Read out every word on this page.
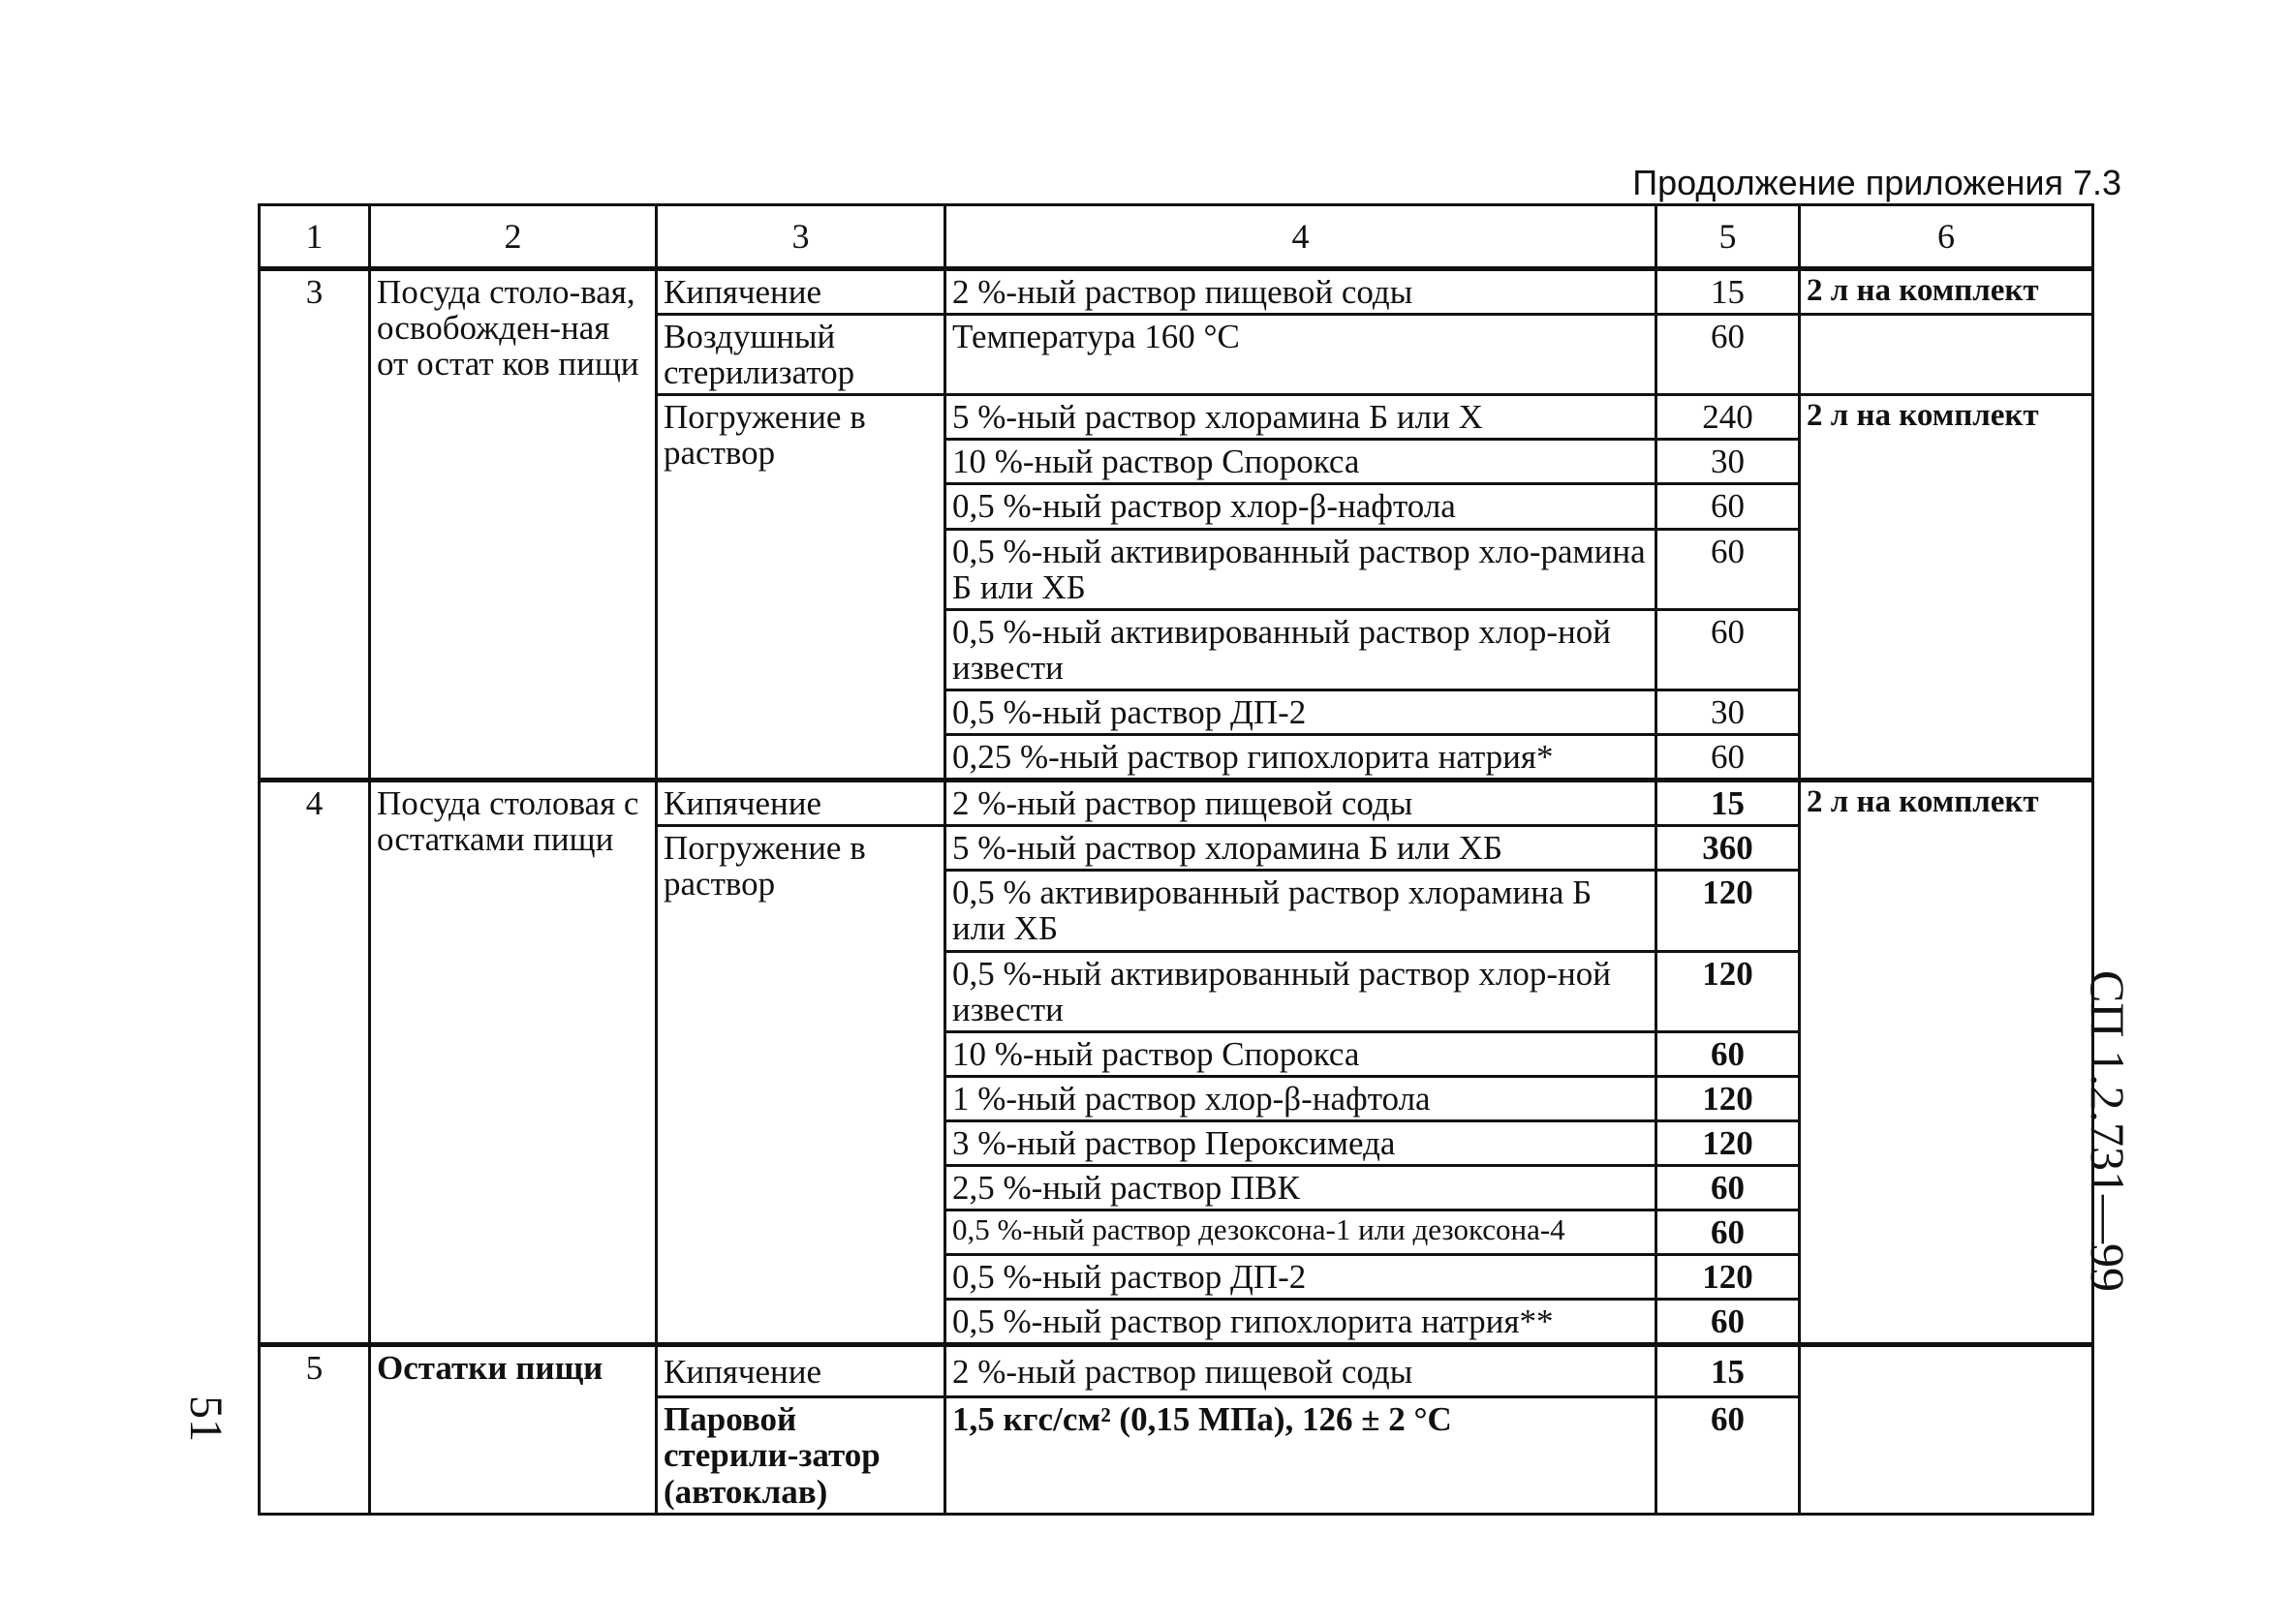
Продолжение приложения 7.3
1	2	3	4	5	6
3	Посуда столо-вая, освобожден-ная от остат ков пищи	Кипячение	2 %-ный раствор пищевой соды	15	2 л на комплект
		Воздушный стерилизатор	Температура 160 °С	60	
		Погружение в раствор	5 %-ный раствор хлорамина Б или Х	240	2 л на комплект
			10 %-ный раствор Спорокса	30	
			0,5 %-ный раствор хлор-β-нафтола	60	
			0,5 %-ный активированный раствор хло-рамина Б или ХБ	60	
			0,5 %-ный активированный раствор хлор-ной извести	60	
			0,5 %-ный раствор ДП-2	30	
			0,25 %-ный раствор гипохлорита натрия*	60	
4	Посуда столовая с остатками пищи	Кипячение	2 %-ный раствор пищевой соды	15	2 л на комплект
		Погружение в раствор	5 %-ный раствор хлорамина Б или ХБ	360	
			0,5 % активированный раствор хлорамина Б или ХБ	120	
			0,5 %-ный активированный раствор хлор-ной извести	120	
			10 %-ный раствор Спорокса	60	
			1 %-ный раствор хлор-β-нафтола	120	
			3 %-ный раствор Пероксимеда	120	
			2,5 %-ный раствор ПВК	60	
			0,5 %-ный раствор дезоксона-1 или дезоксона-4	60	
			0,5 %-ный раствор ДП-2	120	
			0,5 %-ный раствор гипохлорита натрия**	60	
5	Остатки пищи	Кипячение	2 %-ный раствор пищевой соды	15	
		Паровой стерили-затор (автоклав)	1,5 кгс/см² (0,15 МПа), 126 ± 2 °С	60	
СП 1.2.731—99
51
